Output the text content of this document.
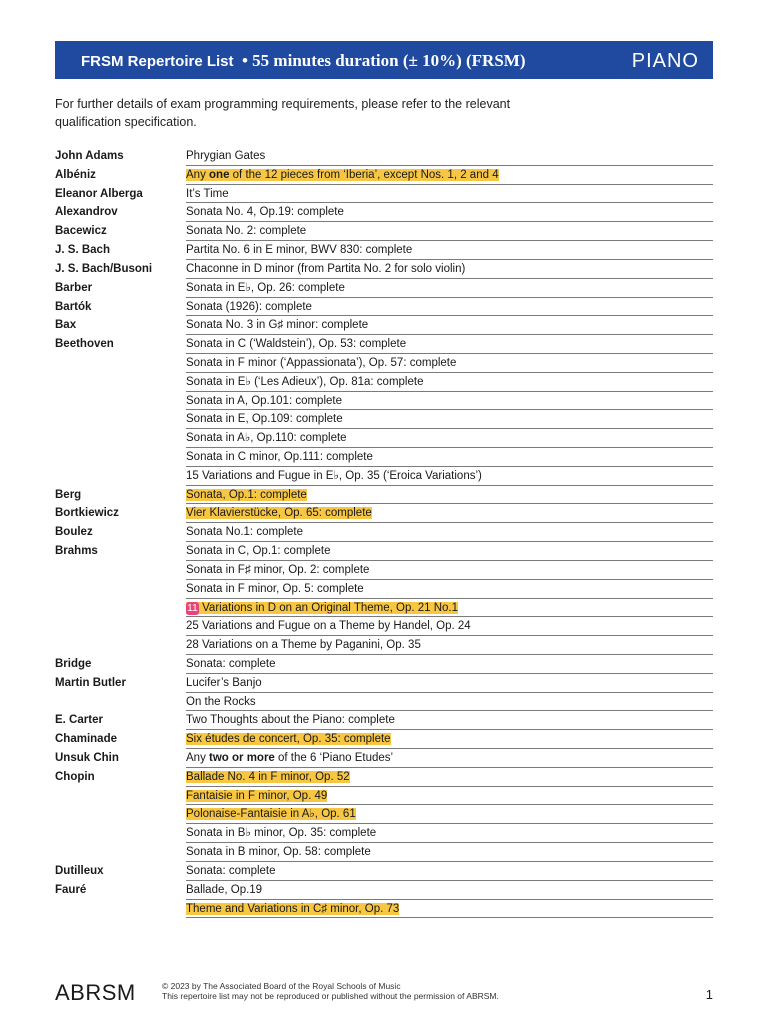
FRSM Repertoire List • 55 minutes duration (± 10%) (FRSM)	PIANO
For further details of exam programming requirements, please refer to the relevant qualification specification.
John Adams	Phrygian Gates
Albéniz	Any one of the 12 pieces from ‘Iberia’, except Nos. 1, 2 and 4
Eleanor Alberga	It’s Time
Alexandrov	Sonata No. 4, Op.19: complete
Bacewicz	Sonata No. 2: complete
J. S. Bach	Partita No. 6 in E minor, BWV 830: complete
J. S. Bach/Busoni	Chaconne in D minor (from Partita No. 2 for solo violin)
Barber	Sonata in E♭, Op. 26: complete
Bartók	Sonata (1926): complete
Bax	Sonata No. 3 in G♯ minor: complete
Beethoven	Sonata in C (‘Waldstein’), Op. 53: complete
Sonata in F minor (‘Appassionata’), Op. 57: complete
Sonata in E♭ (‘Les Adieux’), Op. 81a: complete
Sonata in A, Op.101: complete
Sonata in E, Op.109: complete
Sonata in A♭, Op.110: complete
Sonata in C minor, Op.111: complete
15 Variations and Fugue in E♭, Op. 35 (‘Eroica Variations’)
Berg	Sonata, Op.1: complete
Bortkiewicz	Vier Klavierstücke, Op. 65: complete
Boulez	Sonata No.1: complete
Brahms	Sonata in C, Op.1: complete
Sonata in F♯ minor, Op. 2: complete
Sonata in F minor, Op. 5: complete
11 Variations in D on an Original Theme, Op. 21 No.1
25 Variations and Fugue on a Theme by Handel, Op. 24
28 Variations on a Theme by Paganini, Op. 35
Bridge	Sonata: complete
Martin Butler	Lucifer’s Banjo
On the Rocks
E. Carter	Two Thoughts about the Piano: complete
Chaminade	Six études de concert, Op. 35: complete
Unsuk Chin	Any two or more of the 6 ‘Piano Etudes’
Chopin	Ballade No. 4 in F minor, Op. 52
Fantaisie in F minor, Op. 49
Polonaise-Fantaisie in A♭, Op. 61
Sonata in B♭ minor, Op. 35: complete
Sonata in B minor, Op. 58: complete
Dutilleux	Sonata: complete
Fauré	Ballade, Op.19
Theme and Variations in C♯ minor, Op. 73
ABRSM	© 2023 by The Associated Board of the Royal Schools of Music
This repertoire list may not be reproduced or published without the permission of ABRSM.	1
